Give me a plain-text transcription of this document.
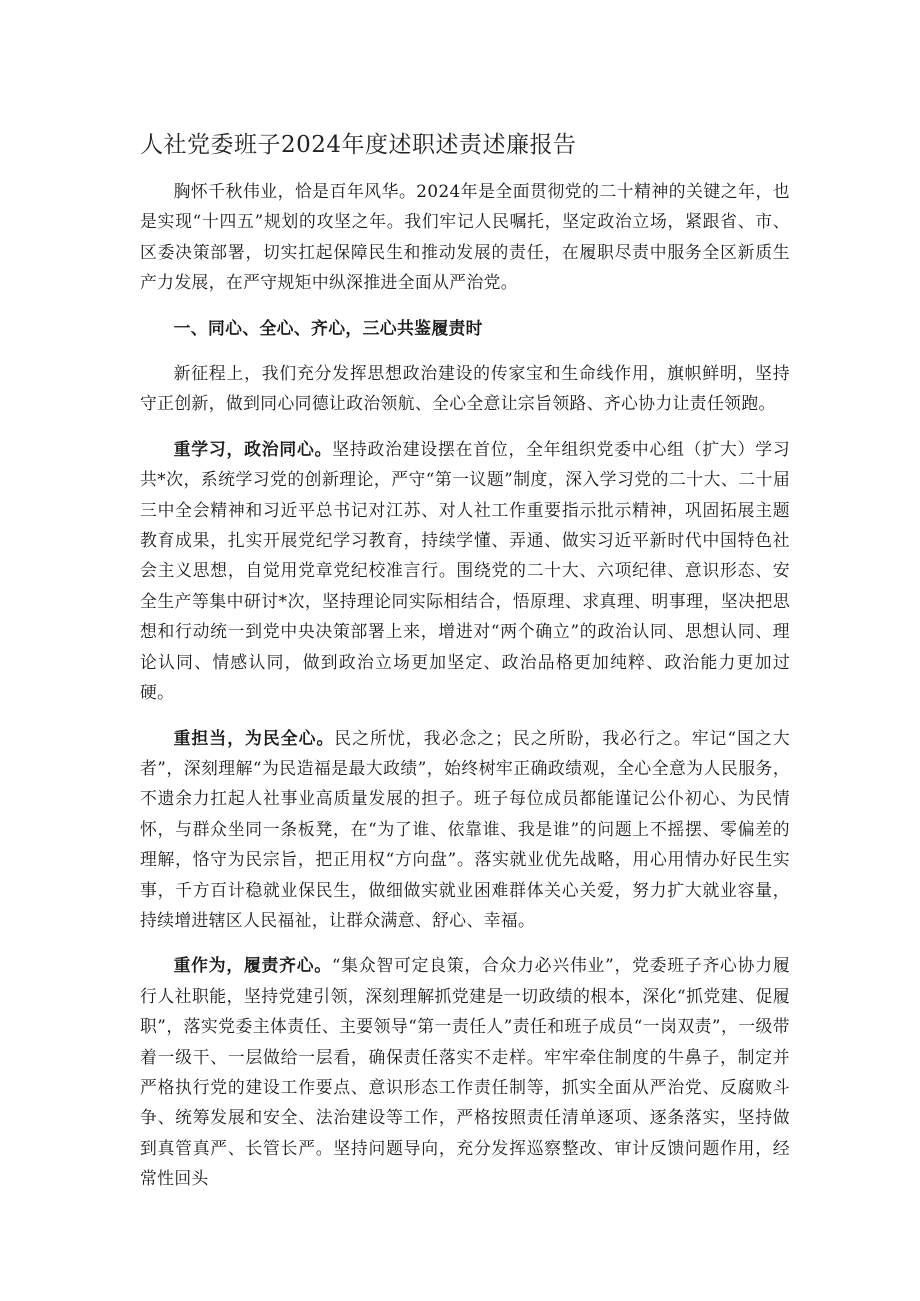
人社党委班子2024年度述职述责述廉报告

胸怀千秋伟业，恰是百年风华。2024年是全面贯彻党的二十精神的关键之年，也是实现“十四五”规划的攻坚之年。我们牢记人民嘱托，坚定政治立场，紧跟省、市、区委决策部署，切实扛起保障民生和推动发展的责任，在履职尽责中服务全区新质生产力发展，在严守规矩中纵深推进全面从严治党。

一、同心、全心、齐心，三心共鉴履责时

新征程上，我们充分发挥思想政治建设的传家宝和生命线作用，旗帜鲜明，坚持守正创新，做到同心同德让政治领航、全心全意让宗旨领路、齐心协力让责任领跑。

重学习，政治同心。坚持政治建设摆在首位，全年组织党委中心组（扩大）学习共*次，系统学习党的创新理论，严守“第一议题”制度，深入学习党的二十大、二十届三中全会精神和习近平总书记对江苏、对人社工作重要指示批示精神，巩固拓展主题教育成果，扎实开展党纪学习教育，持续学懂、弄通、做实习近平新时代中国特色社会主义思想，自觉用党章党纪校准言行。围绕党的二十大、六项纪律、意识形态、安全生产等集中研讨*次，坚持理论同实际相结合，悟原理、求真理、明事理，坚决把思想和行动统一到党中央决策部署上来，增进对“两个确立”的政治认同、思想认同、理论认同、情感认同，做到政治立场更加坚定、政治品格更加纯粹、政治能力更加过硬。

重担当，为民全心。民之所忧，我必念之；民之所盼，我必行之。牢记“国之大者”，深刻理解“为民造福是最大政绩”，始终树牢正确政绩观，全心全意为人民服务，不遗余力扛起人社事业高质量发展的担子。班子每位成员都能谨记公仆初心、为民情怀，与群众坐同一条板凳，在“为了谁、依靠谁、我是谁”的问题上不摇摆、零偏差的理解，恪守为民宗旨，把正用权“方向盘”。落实就业优先战略，用心用情办好民生实事，千方百计稳就业保民生，做细做实就业困难群体关心关爱，努力扩大就业容量，持续增进辖区人民福祉，让群众满意、舒心、幸福。

重作为，履责齐心。“集众智可定良策，合众力必兴伟业”，党委班子齐心协力履行人社职能，坚持党建引领，深刻理解抓党建是一切政绩的根本，深化“抓党建、促履职”，落实党委主体责任、主要领导“第一责任人”责任和班子成员“一岗双责”，一级带着一级干、一层做给一层看，确保责任落实不走样。牢牢牵住制度的牛鼻子，制定并严格执行党的建设工作要点、意识形态工作责任制等，抓实全面从严治党、反腐败斗争、统筹发展和安全、法治建设等工作，严格按照责任清单逐项、逐条落实，坚持做到真管真严、长管长严。坚持问题导向，充分发挥巡察整改、审计反馈问题作用，经常性回头
